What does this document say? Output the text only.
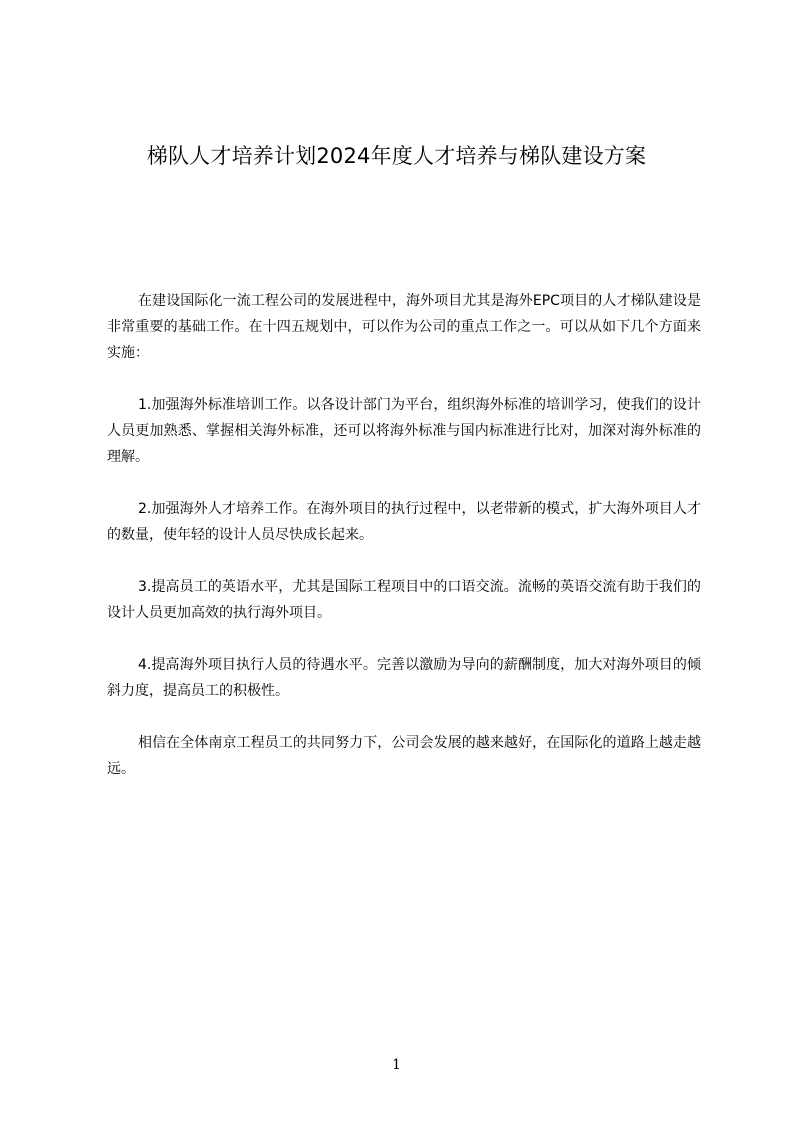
梯队人才培养计划2024年度人才培养与梯队建设方案

在建设国际化一流工程公司的发展进程中，海外项目尤其是海外EPC项目的人才梯队建设是非常重要的基础工作。在十四五规划中，可以作为公司的重点工作之一。可以从如下几个方面来实施：

1.加强海外标准培训工作。以各设计部门为平台，组织海外标准的培训学习，使我们的设计人员更加熟悉、掌握相关海外标准，还可以将海外标准与国内标准进行比对，加深对海外标准的理解。

2.加强海外人才培养工作。在海外项目的执行过程中，以老带新的模式，扩大海外项目人才的数量，使年轻的设计人员尽快成长起来。

3.提高员工的英语水平，尤其是国际工程项目中的口语交流。流畅的英语交流有助于我们的设计人员更加高效的执行海外项目。

4.提高海外项目执行人员的待遇水平。完善以激励为导向的薪酬制度，加大对海外项目的倾斜力度，提高员工的积极性。

相信在全体南京工程员工的共同努力下，公司会发展的越来越好，在国际化的道路上越走越远。

1
